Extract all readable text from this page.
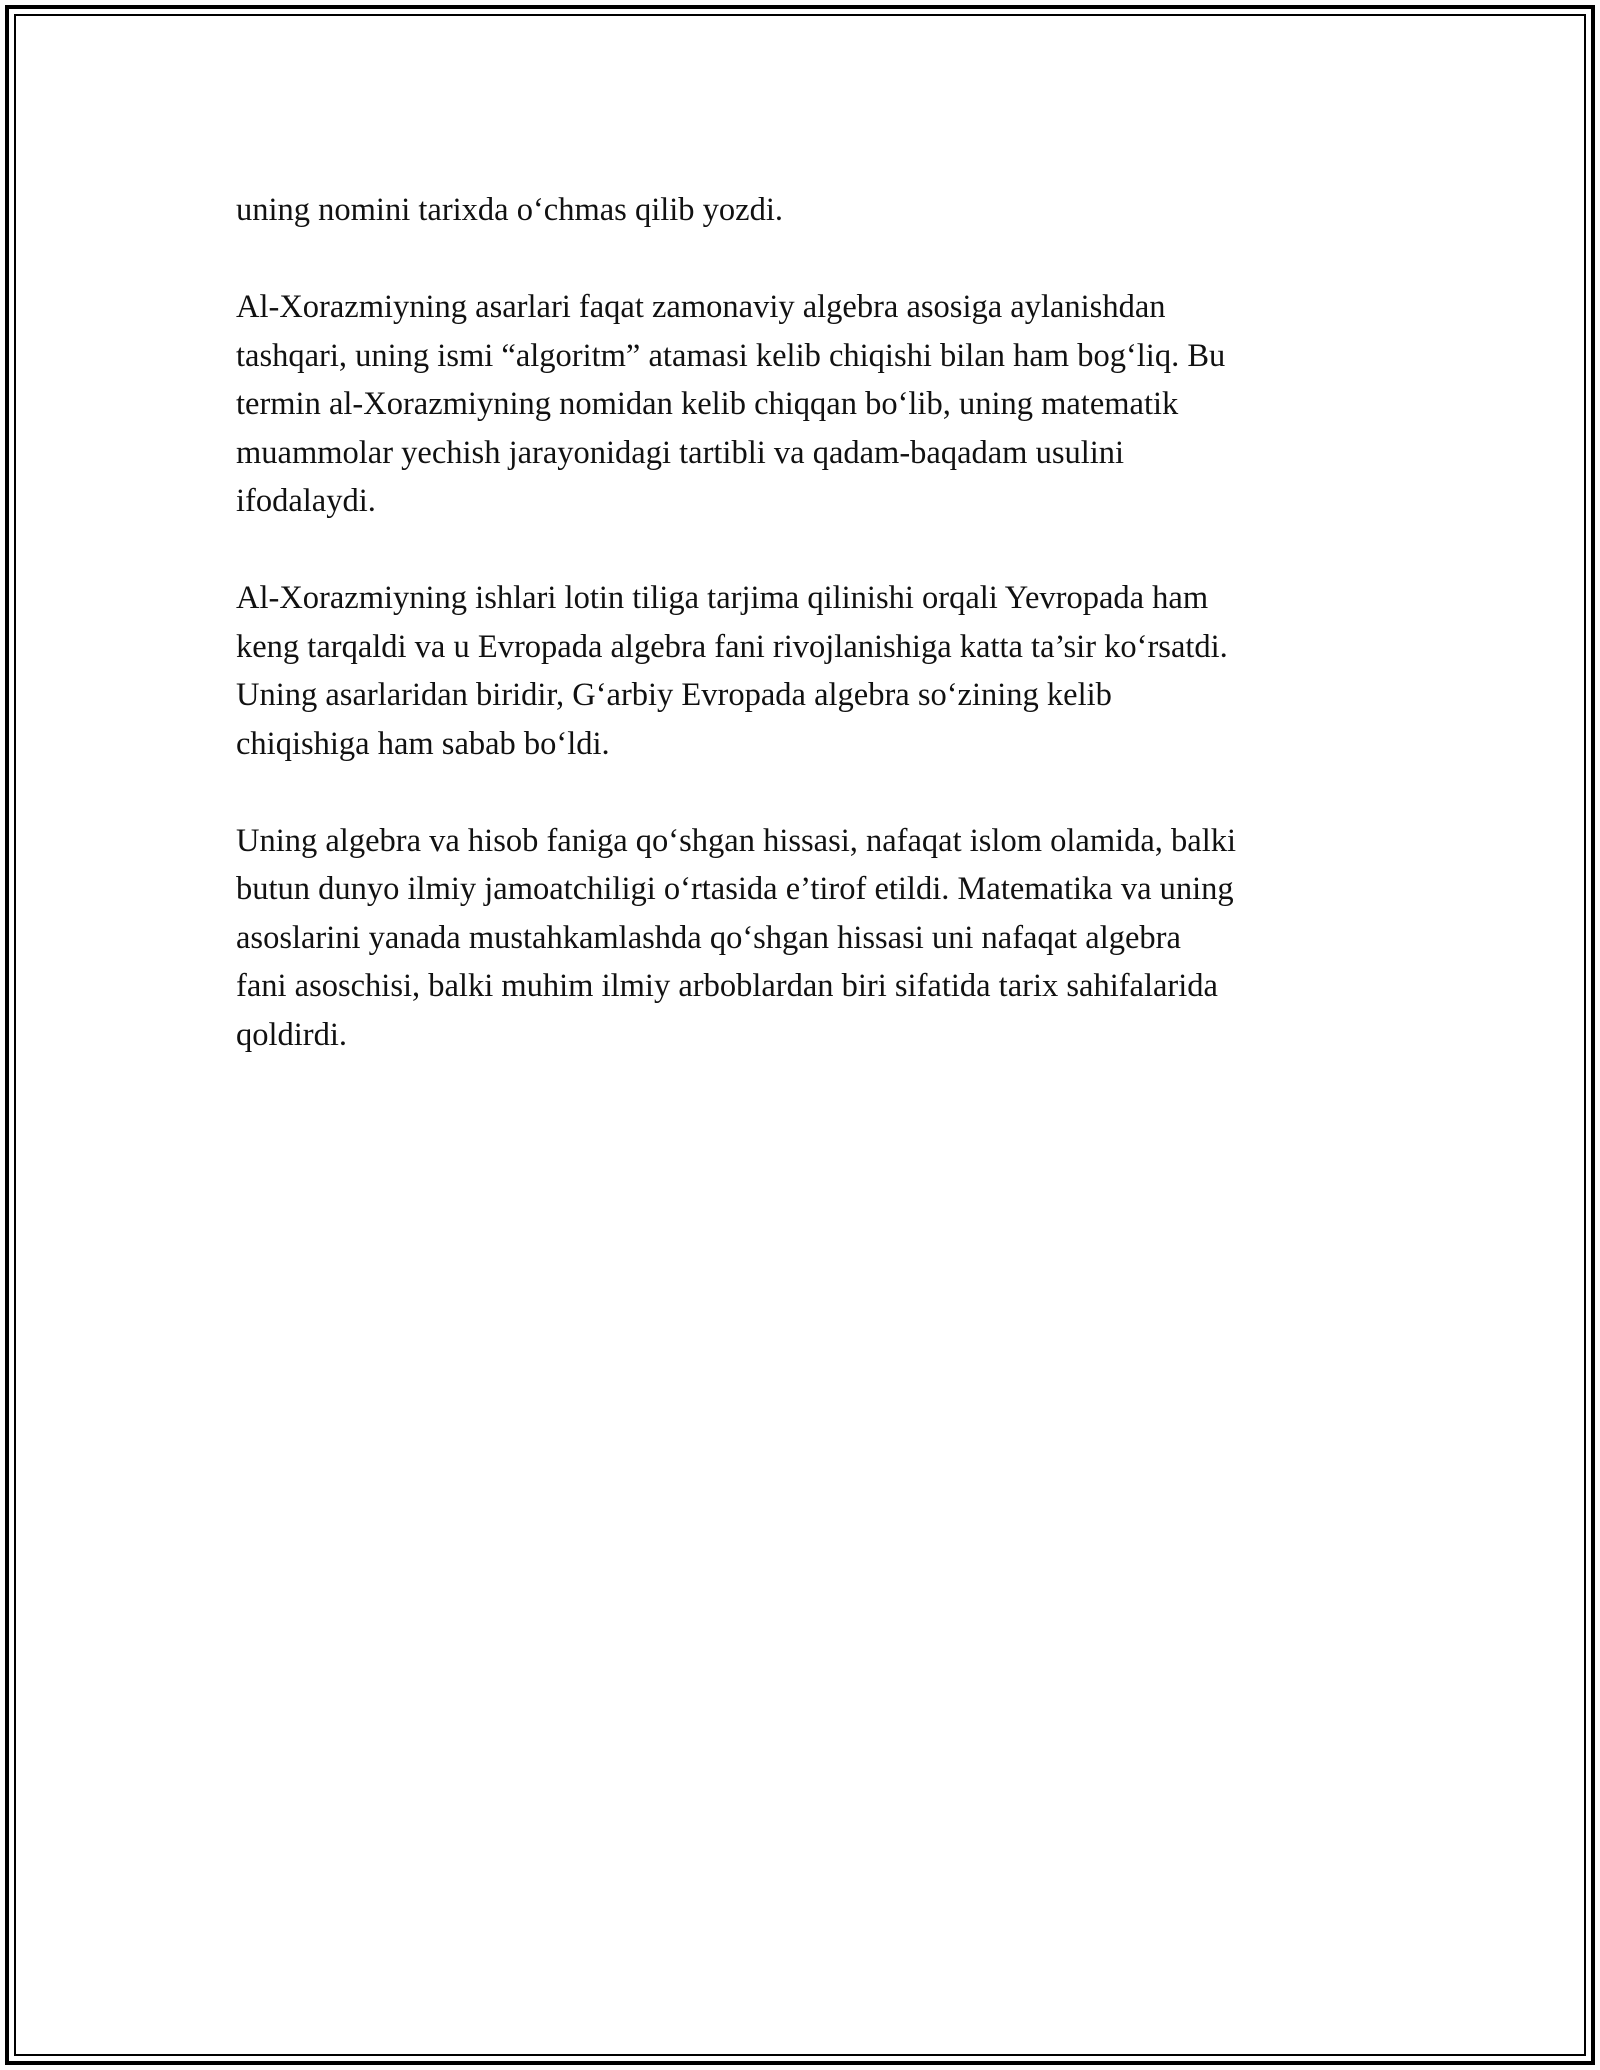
uning nomini tarixda o‘chmas qilib yozdi.

Al-Xorazmiyning asarlari faqat zamonaviy algebra asosiga aylanishdan
tashqari, uning ismi “algoritm” atamasi kelib chiqishi bilan ham bog‘liq. Bu
termin al-Xorazmiyning nomidan kelib chiqqan bo‘lib, uning matematik
muammolar yechish jarayonidagi tartibli va qadam-baqadam usulini
ifodalaydi.

Al-Xorazmiyning ishlari lotin tiliga tarjima qilinishi orqali Yevropada ham
keng tarqaldi va u Evropada algebra fani rivojlanishiga katta ta’sir ko‘rsatdi.
Uning asarlaridan biridir, G‘arbiy Evropada algebra so‘zining kelib
chiqishiga ham sabab bo‘ldi.

Uning algebra va hisob faniga qo‘shgan hissasi, nafaqat islom olamida, balki
butun dunyo ilmiy jamoatchiligi o‘rtasida e’tirof etildi. Matematika va uning
asoslarini yanada mustahkamlashda qo‘shgan hissasi uni nafaqat algebra
fani asoschisi, balki muhim ilmiy arboblardan biri sifatida tarix sahifalarida
qoldirdi.
